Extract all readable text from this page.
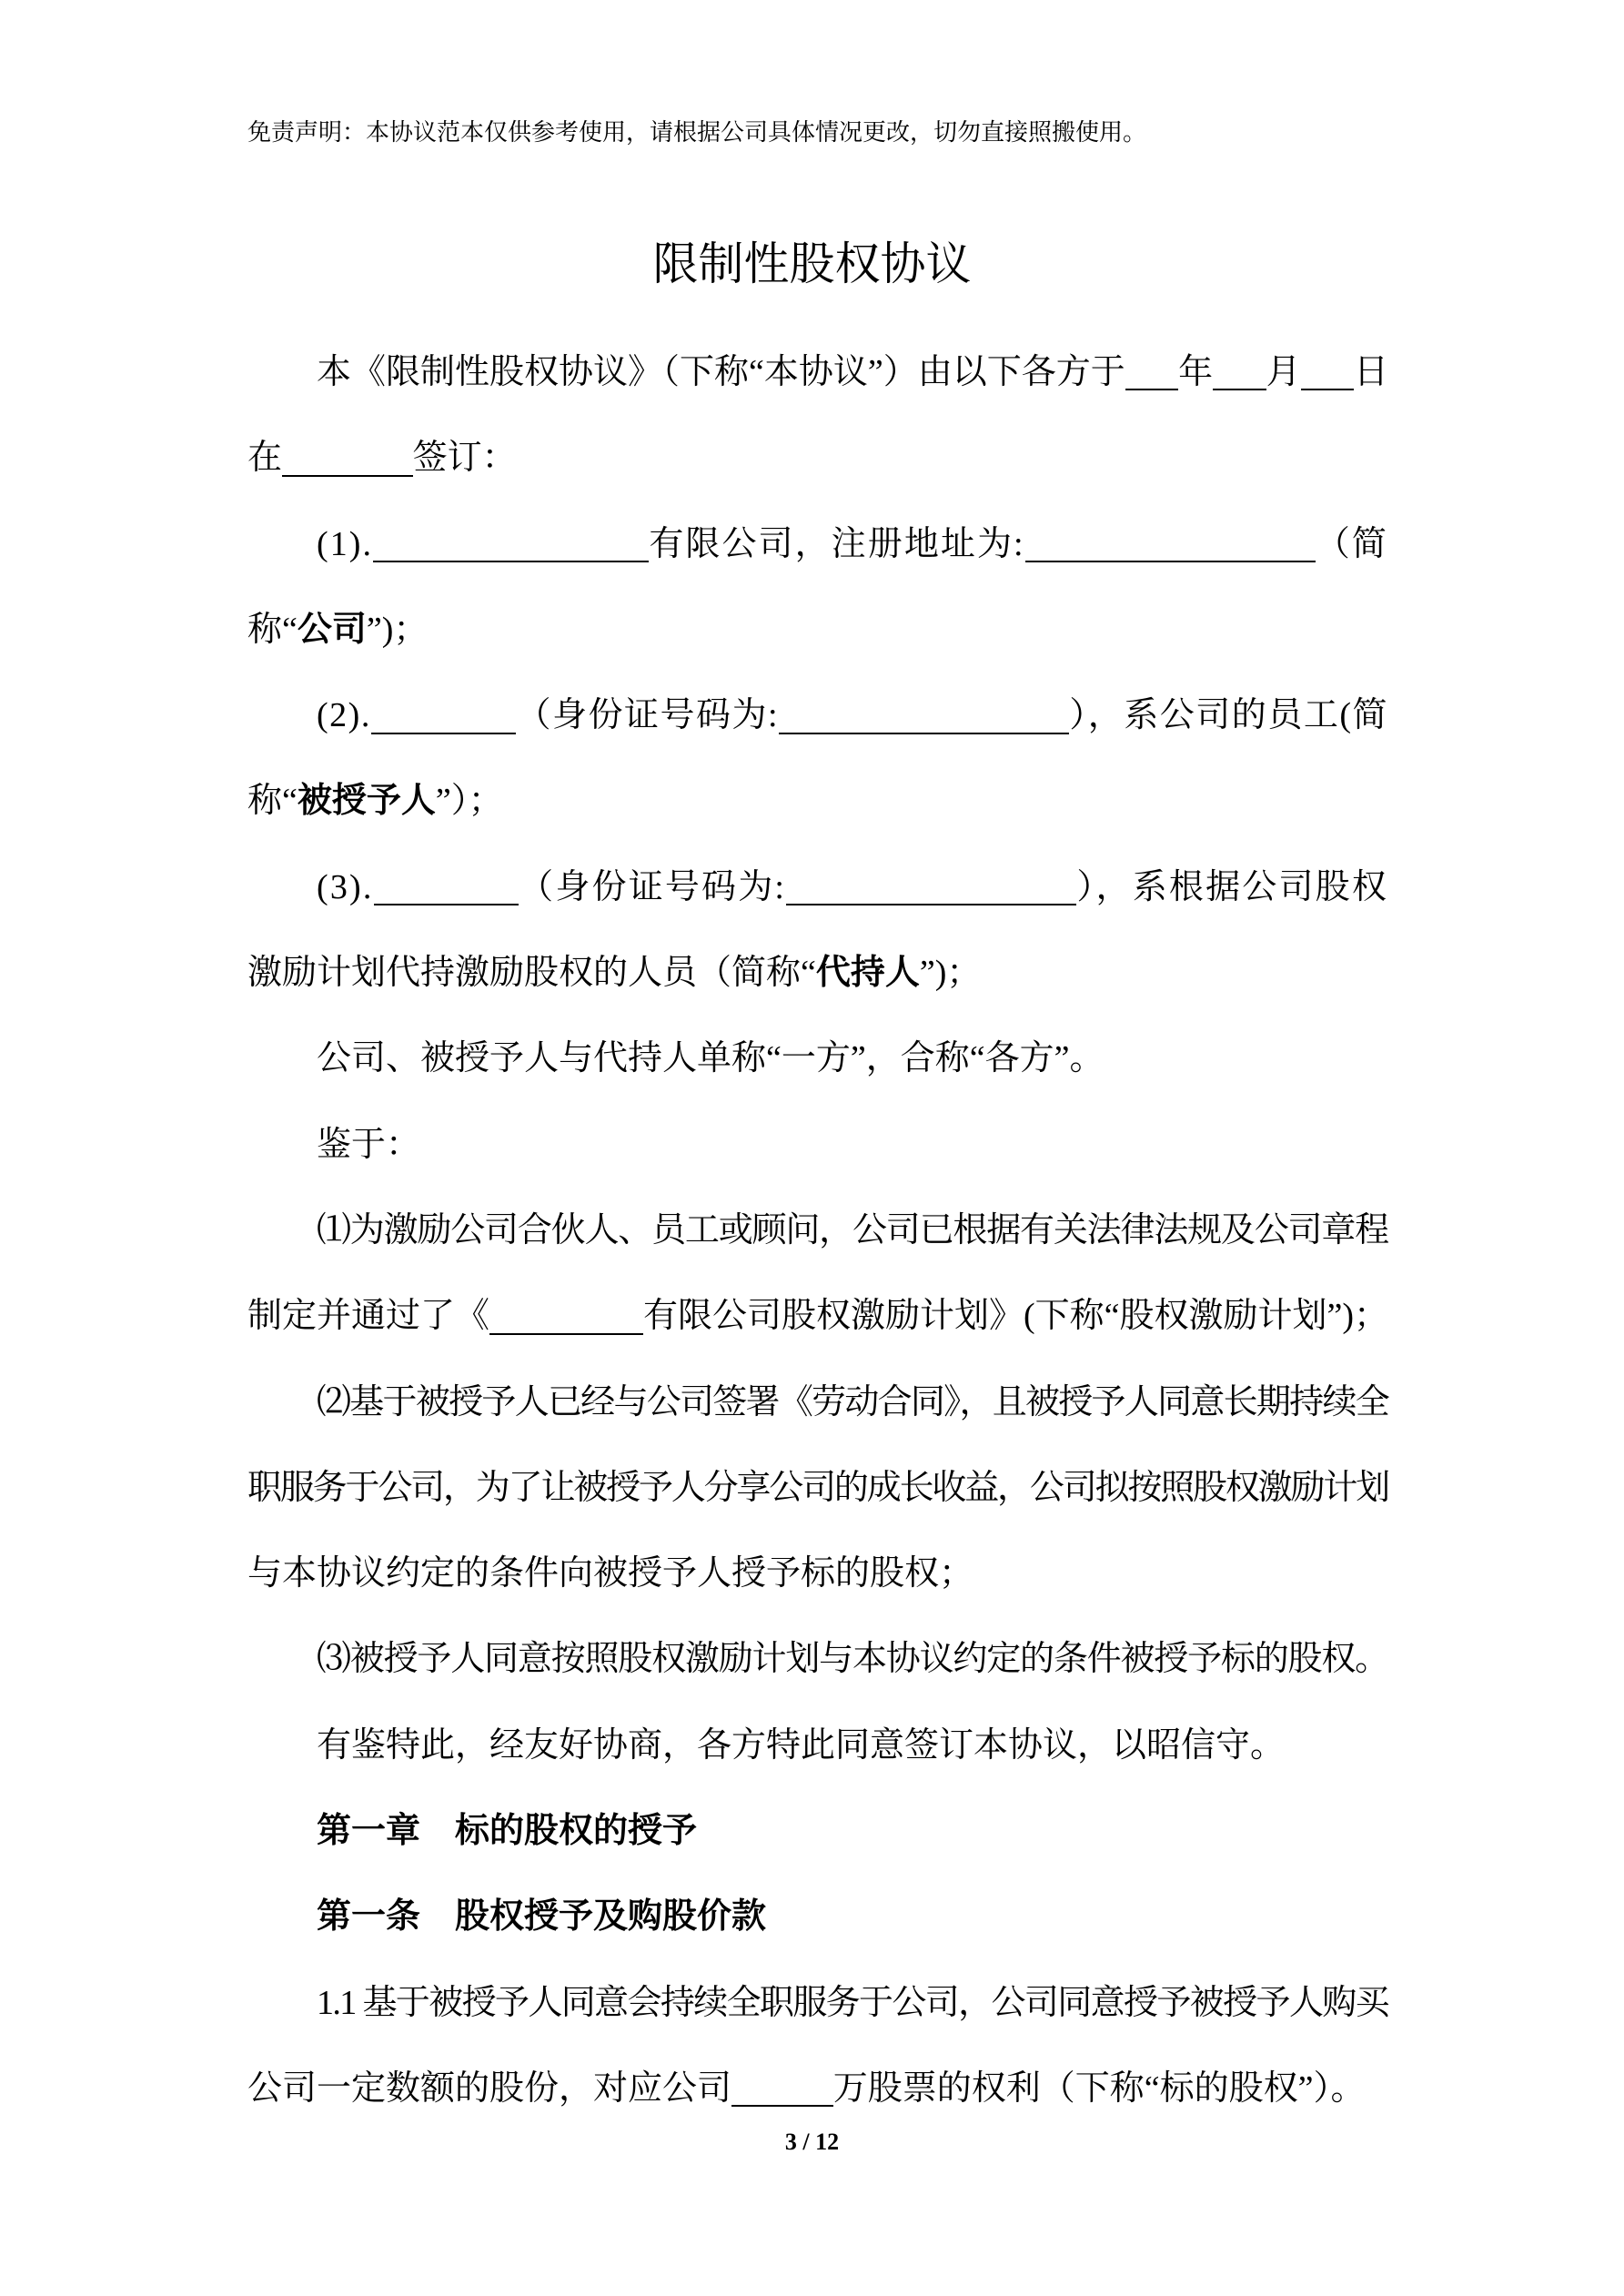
免责声明：本协议范本仅供参考使用，请根据公司具体情况更改，切勿直接照搬使用。
限制性股权协议
本《限制性股权协议》（下称“本协议”）由以下各方于 年 月 日
在	签订：
(1).	有限公司，注册地址为:	（简
称“公司”)；
(2).	（身份证号码为:	），系公司的员工(简
称“被授予人”）；
(3).	（身份证号码为:	），系根据公司股权
激励计划代持激励股权的人员（简称“代持人”)；
公司、被授予人与代持人单称“一方”，合称“各方”。
鉴于：
⑴为激励公司合伙人、员工或顾问，公司已根据有关法律法规及公司章程
制定并通过了《	有限公司股权激励计划》(下称“股权激励计划”)；
⑵基于被授予人已经与公司签署《劳动合同》，且被授予人同意长期持续全
职服务于公司，为了让被授予人分享公司的成长收益，公司拟按照股权激励计划
与本协议约定的条件向被授予人授予标的股权；
⑶被授予人同意按照股权激励计划与本协议约定的条件被授予标的股权。
有鉴特此，经友好协商，各方特此同意签订本协议，以昭信守。
第一章　标的股权的授予
第一条　股权授予及购股价款
1.1 基于被授予人同意会持续全职服务于公司，公司同意授予被授予人购买
公司一定数额的股份，对应公司	万股票的权利（下称“标的股权”）。
3 / 12
